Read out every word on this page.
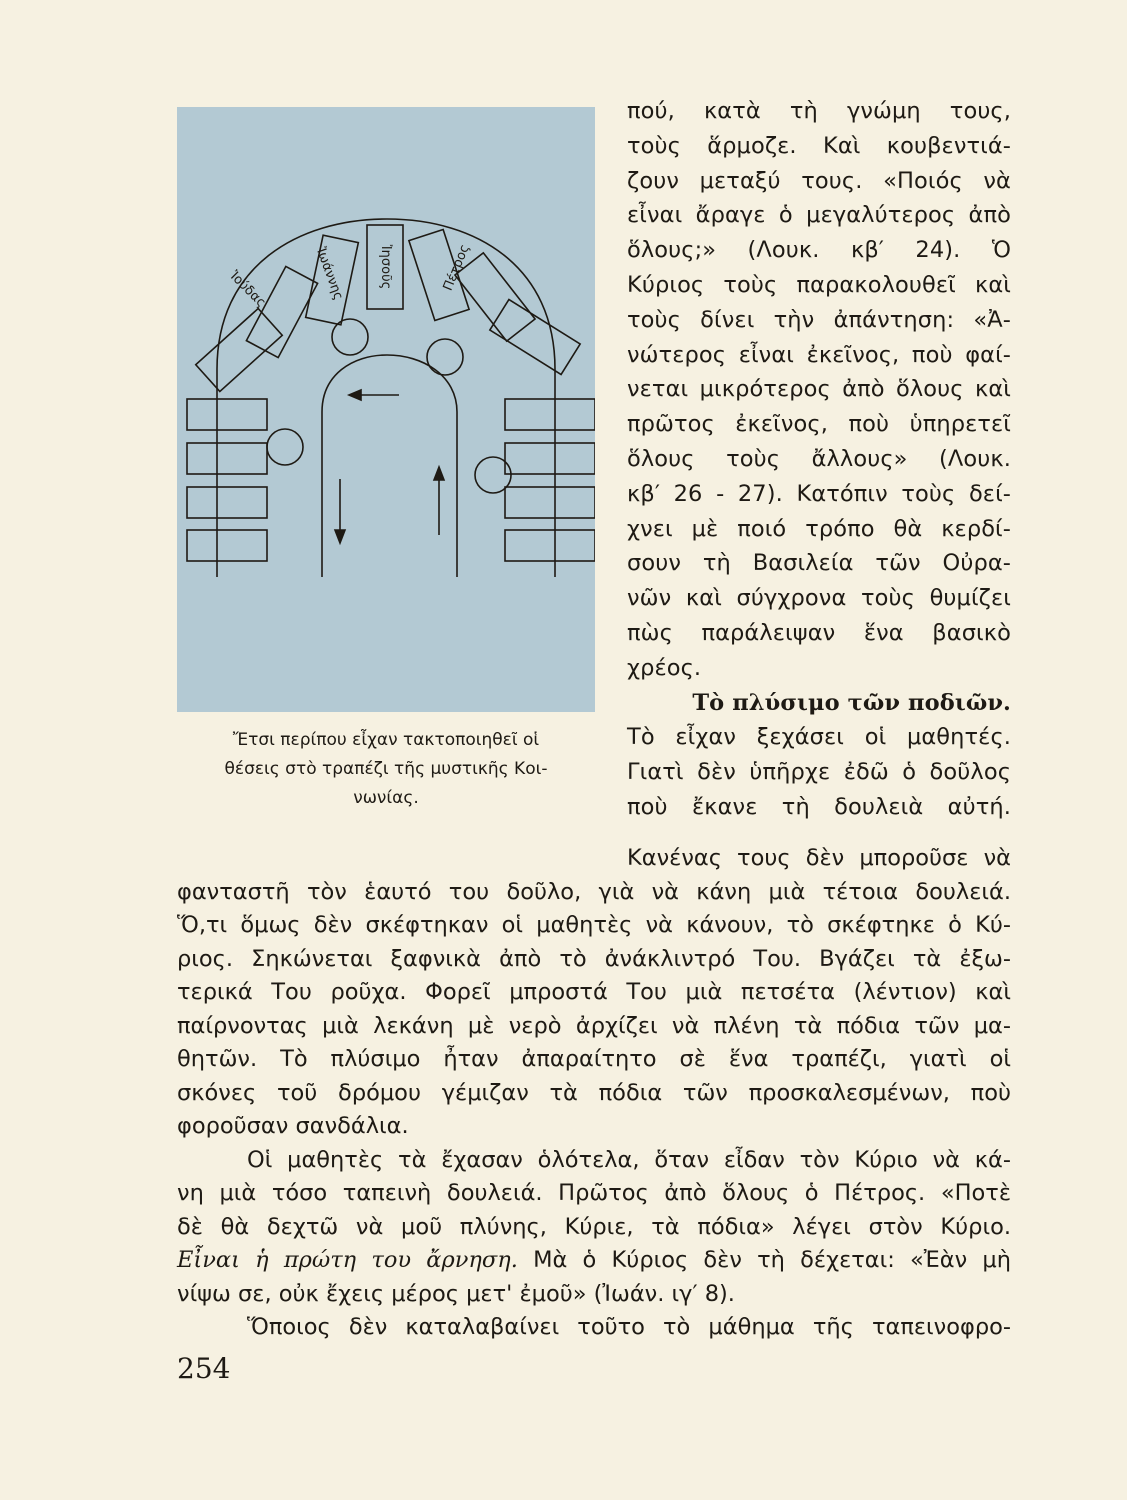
Ἰούδας	Ἰωάννης Ἰησοῦς	Πέτρος
Ἔτσι περίπου εἶχαν τακτοποιηθεῖ οἱ
θέσεις στὸ τραπέζι τῆς μυστικῆς Κοι-
νωνίας.
πού, κατὰ τὴ γνώμη τους,
τοὺς ἅρμοζε. Καὶ κουβεντιά-
ζουν μεταξύ τους. «Ποιός νὰ
εἶναι ἄραγε ὁ μεγαλύτερος ἀπὸ
ὅλους;» (Λουκ. κβ′ 24). Ὁ
Κύριος τοὺς παρακολουθεῖ καὶ
τοὺς δίνει τὴν ἀπάντηση: «Ἀ-
νώτερος εἶναι ἐκεῖνος, ποὺ φαί-
νεται μικρότερος ἀπὸ ὅλους καὶ
πρῶτος ἐκεῖνος, ποὺ ὑπηρετεῖ
ὅλους τοὺς ἄλλους» (Λουκ.
κβ′ 26 - 27). Κατόπιν τοὺς δεί-
χνει μὲ ποιό τρόπο θὰ κερδί-
σουν τὴ Βασιλεία τῶν Οὐρα-
νῶν καὶ σύγχρονα τοὺς θυμίζει
πὼς παράλειψαν ἕνα βασικὸ
χρέος.
Τὸ πλύσιμο τῶν ποδιῶν.
Τὸ εἶχαν ξεχάσει οἱ μαθητές.
Γιατὶ δὲν ὑπῆρχε ἐδῶ ὁ δοῦλος
ποὺ ἔκανε τὴ δουλειὰ αὐτή.
Κανένας τους δὲν μποροῦσε νὰ
φανταστῆ τὸν ἑαυτό του δοῦλο, γιὰ νὰ κάνη μιὰ τέτοια δουλειά.
Ὅ,τι ὅμως δὲν σκέφτηκαν οἱ μαθητὲς νὰ κάνουν, τὸ σκέφτηκε ὁ Κύ-
ριος. Σηκώνεται ξαφνικὰ ἀπὸ τὸ ἀνάκλιντρό Του. Βγάζει τὰ ἐξω-
τερικά Του ροῦχα. Φορεῖ μπροστά Του μιὰ πετσέτα (λέντιον) καὶ
παίρνοντας μιὰ λεκάνη μὲ νερὸ ἀρχίζει νὰ πλένη τὰ πόδια τῶν μα-
θητῶν. Τὸ πλύσιμο ἦταν ἀπαραίτητο σὲ ἕνα τραπέζι, γιατὶ οἱ
σκόνες τοῦ δρόμου γέμιζαν τὰ πόδια τῶν προσκαλεσμένων, ποὺ
φοροῦσαν σανδάλια.
Οἱ μαθητὲς τὰ ἔχασαν ὁλότελα, ὅταν εἶδαν τὸν Κύριο νὰ κά-
νη μιὰ τόσο ταπεινὴ δουλειά. Πρῶτος ἀπὸ ὅλους ὁ Πέτρος. «Ποτὲ
δὲ θὰ δεχτῶ νὰ μοῦ πλύνης, Κύριε, τὰ πόδια» λέγει στὸν Κύριο.
Εἶναι ἡ πρώτη του ἄρνηση. Μὰ ὁ Κύριος δὲν τὴ δέχεται: «Ἐὰν μὴ
νίψω σε, οὐκ ἔχεις μέρος μετ' ἐμοῦ» (Ἰωάν. ιγ′ 8).
Ὅποιος δὲν καταλαβαίνει τοῦτο τὸ μάθημα τῆς ταπεινοφρο-
254
